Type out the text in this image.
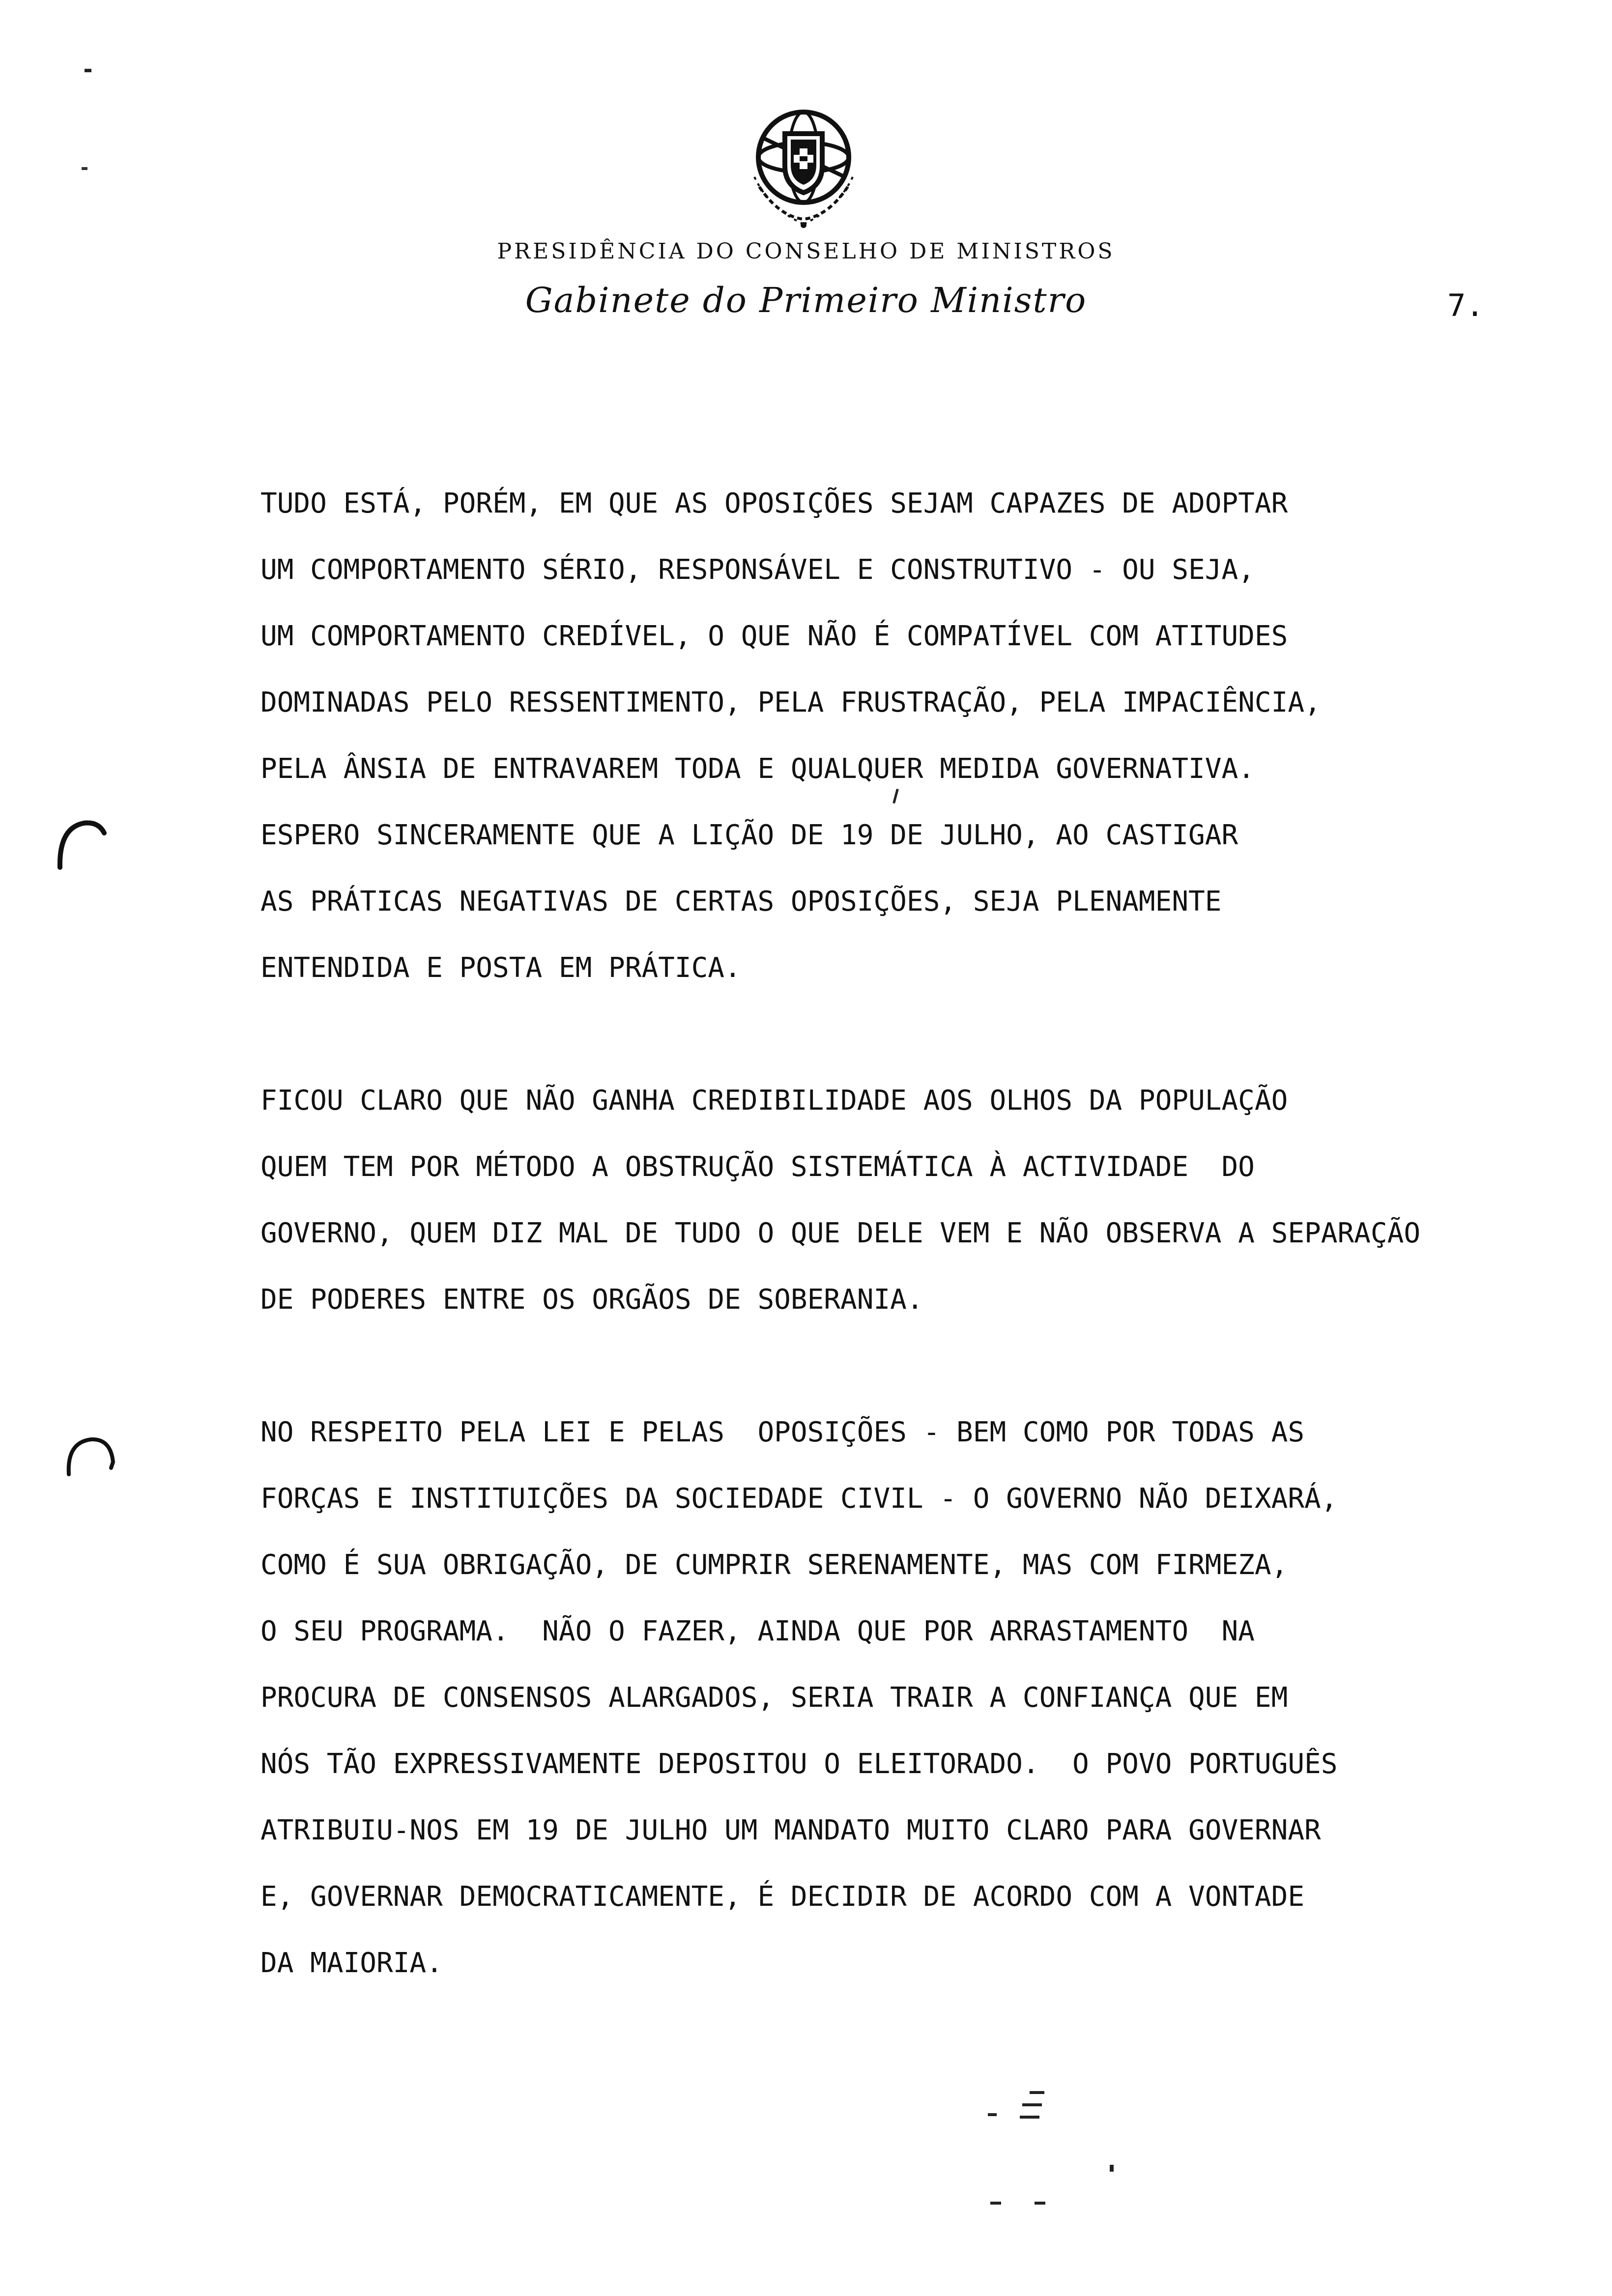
PRESIDÊNCIA DO CONSELHO DE MINISTROS
Gabinete do Primeiro Ministro	7.
TUDO ESTÁ, PORÉM, EM QUE AS OPOSIÇÕES SEJAM CAPAZES DE ADOPTAR
UM COMPORTAMENTO SÉRIO, RESPONSÁVEL E CONSTRUTIVO - OU SEJA,
UM COMPORTAMENTO CREDÍVEL, O QUE NÃO É COMPATÍVEL COM ATITUDES
DOMINADAS PELO RESSENTIMENTO, PELA FRUSTRAÇÃO, PELA IMPACIÊNCIA,
PELA ÂNSIA DE ENTRAVAREM TODA E QUALQUER MEDIDA GOVERNATIVA.
ESPERO SINCERAMENTE QUE A LIÇÃO DE 19 DE JULHO, AO CASTIGAR
AS PRÁTICAS NEGATIVAS DE CERTAS OPOSIÇÕES, SEJA PLENAMENTE
ENTENDIDA E POSTA EM PRÁTICA.
FICOU CLARO QUE NÃO GANHA CREDIBILIDADE AOS OLHOS DA POPULAÇÃO
QUEM TEM POR MÉTODO A OBSTRUÇÃO SISTEMÁTICA À ACTIVIDADE  DO
GOVERNO, QUEM DIZ MAL DE TUDO O QUE DELE VEM E NÃO OBSERVA A SEPARAÇÃO
DE PODERES ENTRE OS ORGÃOS DE SOBERANIA.
NO RESPEITO PELA LEI E PELAS  OPOSIÇÕES - BEM COMO POR TODAS AS
FORÇAS E INSTITUIÇÕES DA SOCIEDADE CIVIL - O GOVERNO NÃO DEIXARÁ,
COMO É SUA OBRIGAÇÃO, DE CUMPRIR SERENAMENTE, MAS COM FIRMEZA,
O SEU PROGRAMA.  NÃO O FAZER, AINDA QUE POR ARRASTAMENTO  NA
PROCURA DE CONSENSOS ALARGADOS, SERIA TRAIR A CONFIANÇA QUE EM
NÓS TÃO EXPRESSIVAMENTE DEPOSITOU O ELEITORADO.  O POVO PORTUGUÊS
ATRIBUIU-NOS EM 19 DE JULHO UM MANDATO MUITO CLARO PARA GOVERNAR
E, GOVERNAR DEMOCRATICAMENTE, É DECIDIR DE ACORDO COM A VONTADE
DA MAIORIA.
